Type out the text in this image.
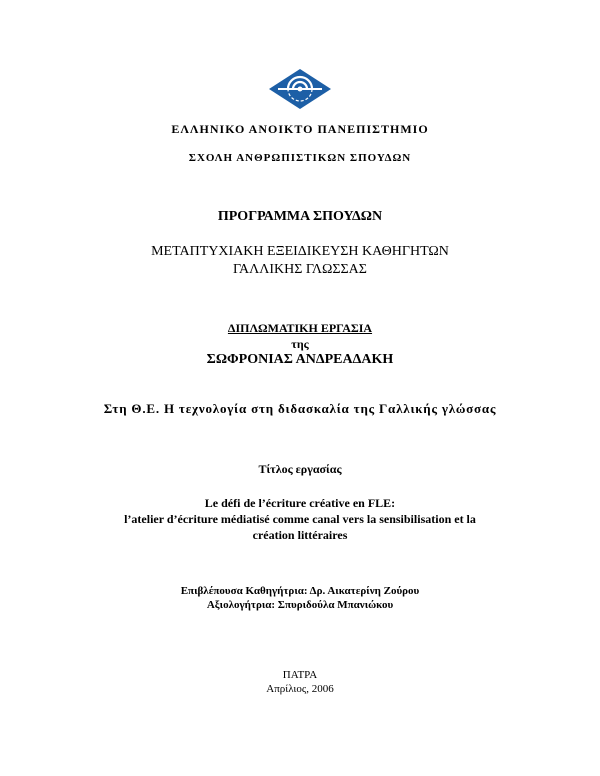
ΕΛΛΗΝΙΚΟ ΑΝΟΙΚΤΟ ΠΑΝΕΠΙΣΤΗΜΙΟ
ΣΧΟΛΗ ΑΝΘΡΩΠΙΣΤΙΚΩΝ ΣΠΟΥΔΩΝ
ΠΡΟΓΡΑΜΜΑ ΣΠΟΥΔΩΝ
ΜΕΤΑΠΤΥΧΙΑΚΗ ΕΞΕΙΔΙΚΕΥΣΗ ΚΑΘΗΓΗΤΩΝ
ΓΑΛΛΙΚΗΣ ΓΛΩΣΣΑΣ
ΔΙΠΛΩΜΑΤΙΚΗ ΕΡΓΑΣΙΑ
της
ΣΩΦΡΟΝΙΑΣ ΑΝΔΡΕΑΔΑΚΗ
Στη Θ.Ε. Η τεχνολογία στη διδασκαλία της Γαλλικής γλώσσας
Τίτλος εργασίας
Le défi de l’écriture créative en FLE:
l’atelier d’écriture médiatisé comme canal vers la sensibilisation et la
création littéraires
Επιβλέπουσα Καθηγήτρια: Δρ. Αικατερίνη Ζούρου
Αξιολογήτρια: Σπυριδούλα Μπανιώκου
ΠΑΤΡΑ
Απρίλιος, 2006
